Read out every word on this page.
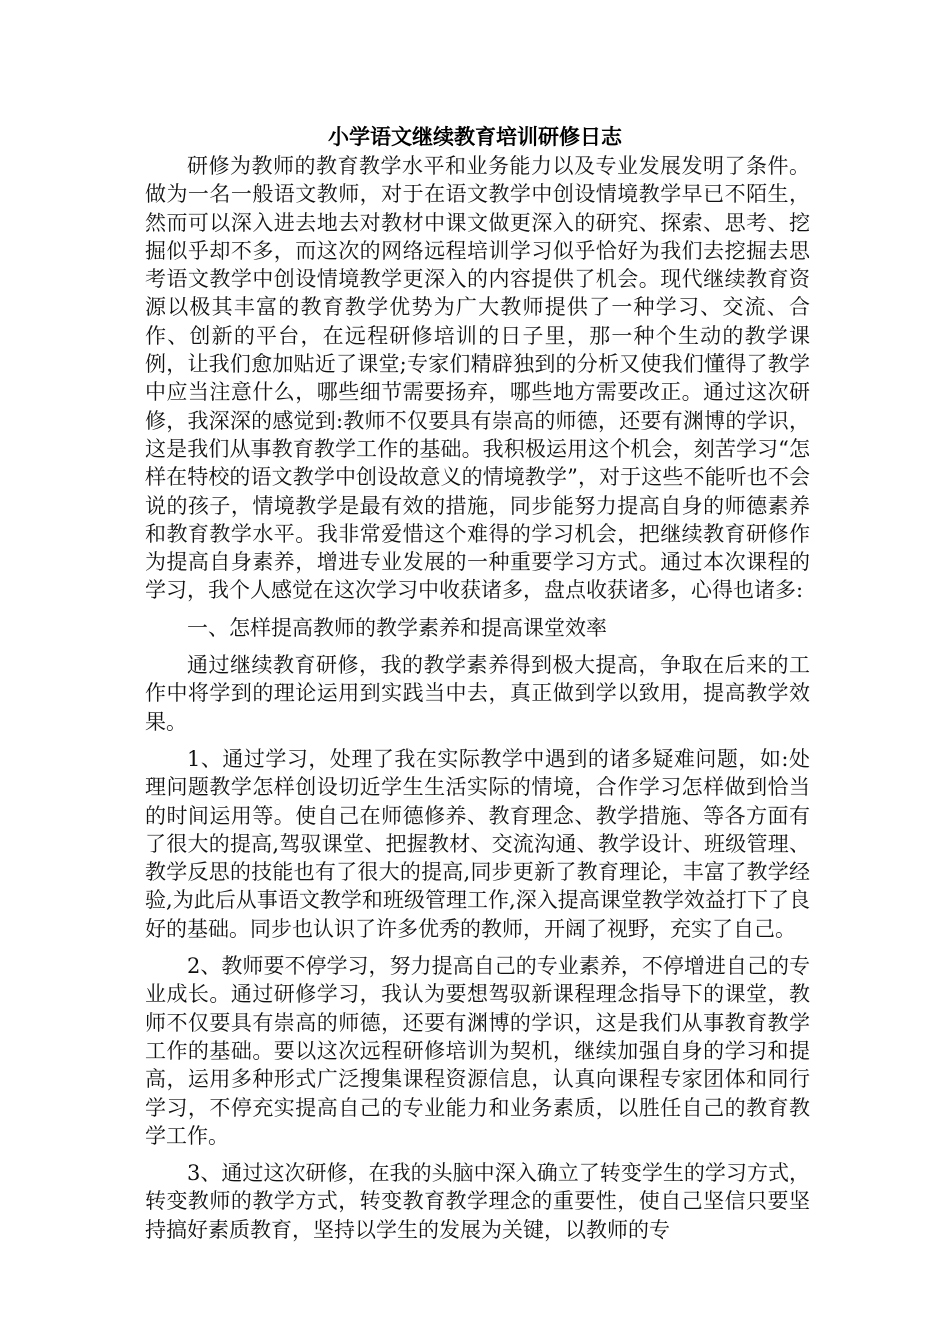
小学语文继续教育培训研修日志

研修为教师的教育教学水平和业务能力以及专业发展发明了条件。做为一名一般语文教师，对于在语文教学中创设情境教学早已不陌生，然而可以深入进去地去对教材中课文做更深入的研究、探索、思考、挖掘似乎却不多，而这次的网络远程培训学习似乎恰好为我们去挖掘去思考语文教学中创设情境教学更深入的内容提供了机会。现代继续教育资源以极其丰富的教育教学优势为广大教师提供了一种学习、交流、合作、创新的平台，在远程研修培训的日子里，那一种个生动的教学课例，让我们愈加贴近了课堂;专家们精辟独到的分析又使我们懂得了教学中应当注意什么，哪些细节需要扬弃，哪些地方需要改正。通过这次研修，我深深的感觉到:教师不仅要具有崇高的师德，还要有渊博的学识，这是我们从事教育教学工作的基础。我积极运用这个机会，刻苦学习“怎样在特校的语文教学中创设故意义的情境教学”，对于这些不能听也不会说的孩子，情境教学是最有效的措施，同步能努力提高自身的师德素养和教育教学水平。我非常爱惜这个难得的学习机会，把继续教育研修作为提高自身素养，增进专业发展的一种重要学习方式。通过本次课程的学习，我个人感觉在这次学习中收获诸多，盘点收获诸多，心得也诸多:

一、怎样提高教师的教学素养和提高课堂效率

通过继续教育研修，我的教学素养得到极大提高，争取在后来的工作中将学到的理论运用到实践当中去，真正做到学以致用，提高教学效果。

1、通过学习，处理了我在实际教学中遇到的诸多疑难问题，如:处理问题教学怎样创设切近学生生活实际的情境，合作学习怎样做到恰当的时间运用等。使自己在师德修养、教育理念、教学措施、等各方面有了很大的提高,驾驭课堂、把握教材、交流沟通、教学设计、班级管理、教学反思的技能也有了很大的提高,同步更新了教育理论，丰富了教学经验,为此后从事语文教学和班级管理工作,深入提高课堂教学效益打下了良好的基础。同步也认识了许多优秀的教师，开阔了视野，充实了自己。

2、教师要不停学习，努力提高自己的专业素养，不停增进自己的专业成长。通过研修学习，我认为要想驾驭新课程理念指导下的课堂，教师不仅要具有崇高的师德，还要有渊博的学识，这是我们从事教育教学工作的基础。要以这次远程研修培训为契机，继续加强自身的学习和提高，运用多种形式广泛搜集课程资源信息，认真向课程专家团体和同行学习，不停充实提高自己的专业能力和业务素质，以胜任自己的教育教学工作。

3、通过这次研修，在我的头脑中深入确立了转变学生的学习方式，转变教师的教学方式，转变教育教学理念的重要性，使自己坚信只要坚持搞好素质教育，坚持以学生的发展为关键，以教师的专
